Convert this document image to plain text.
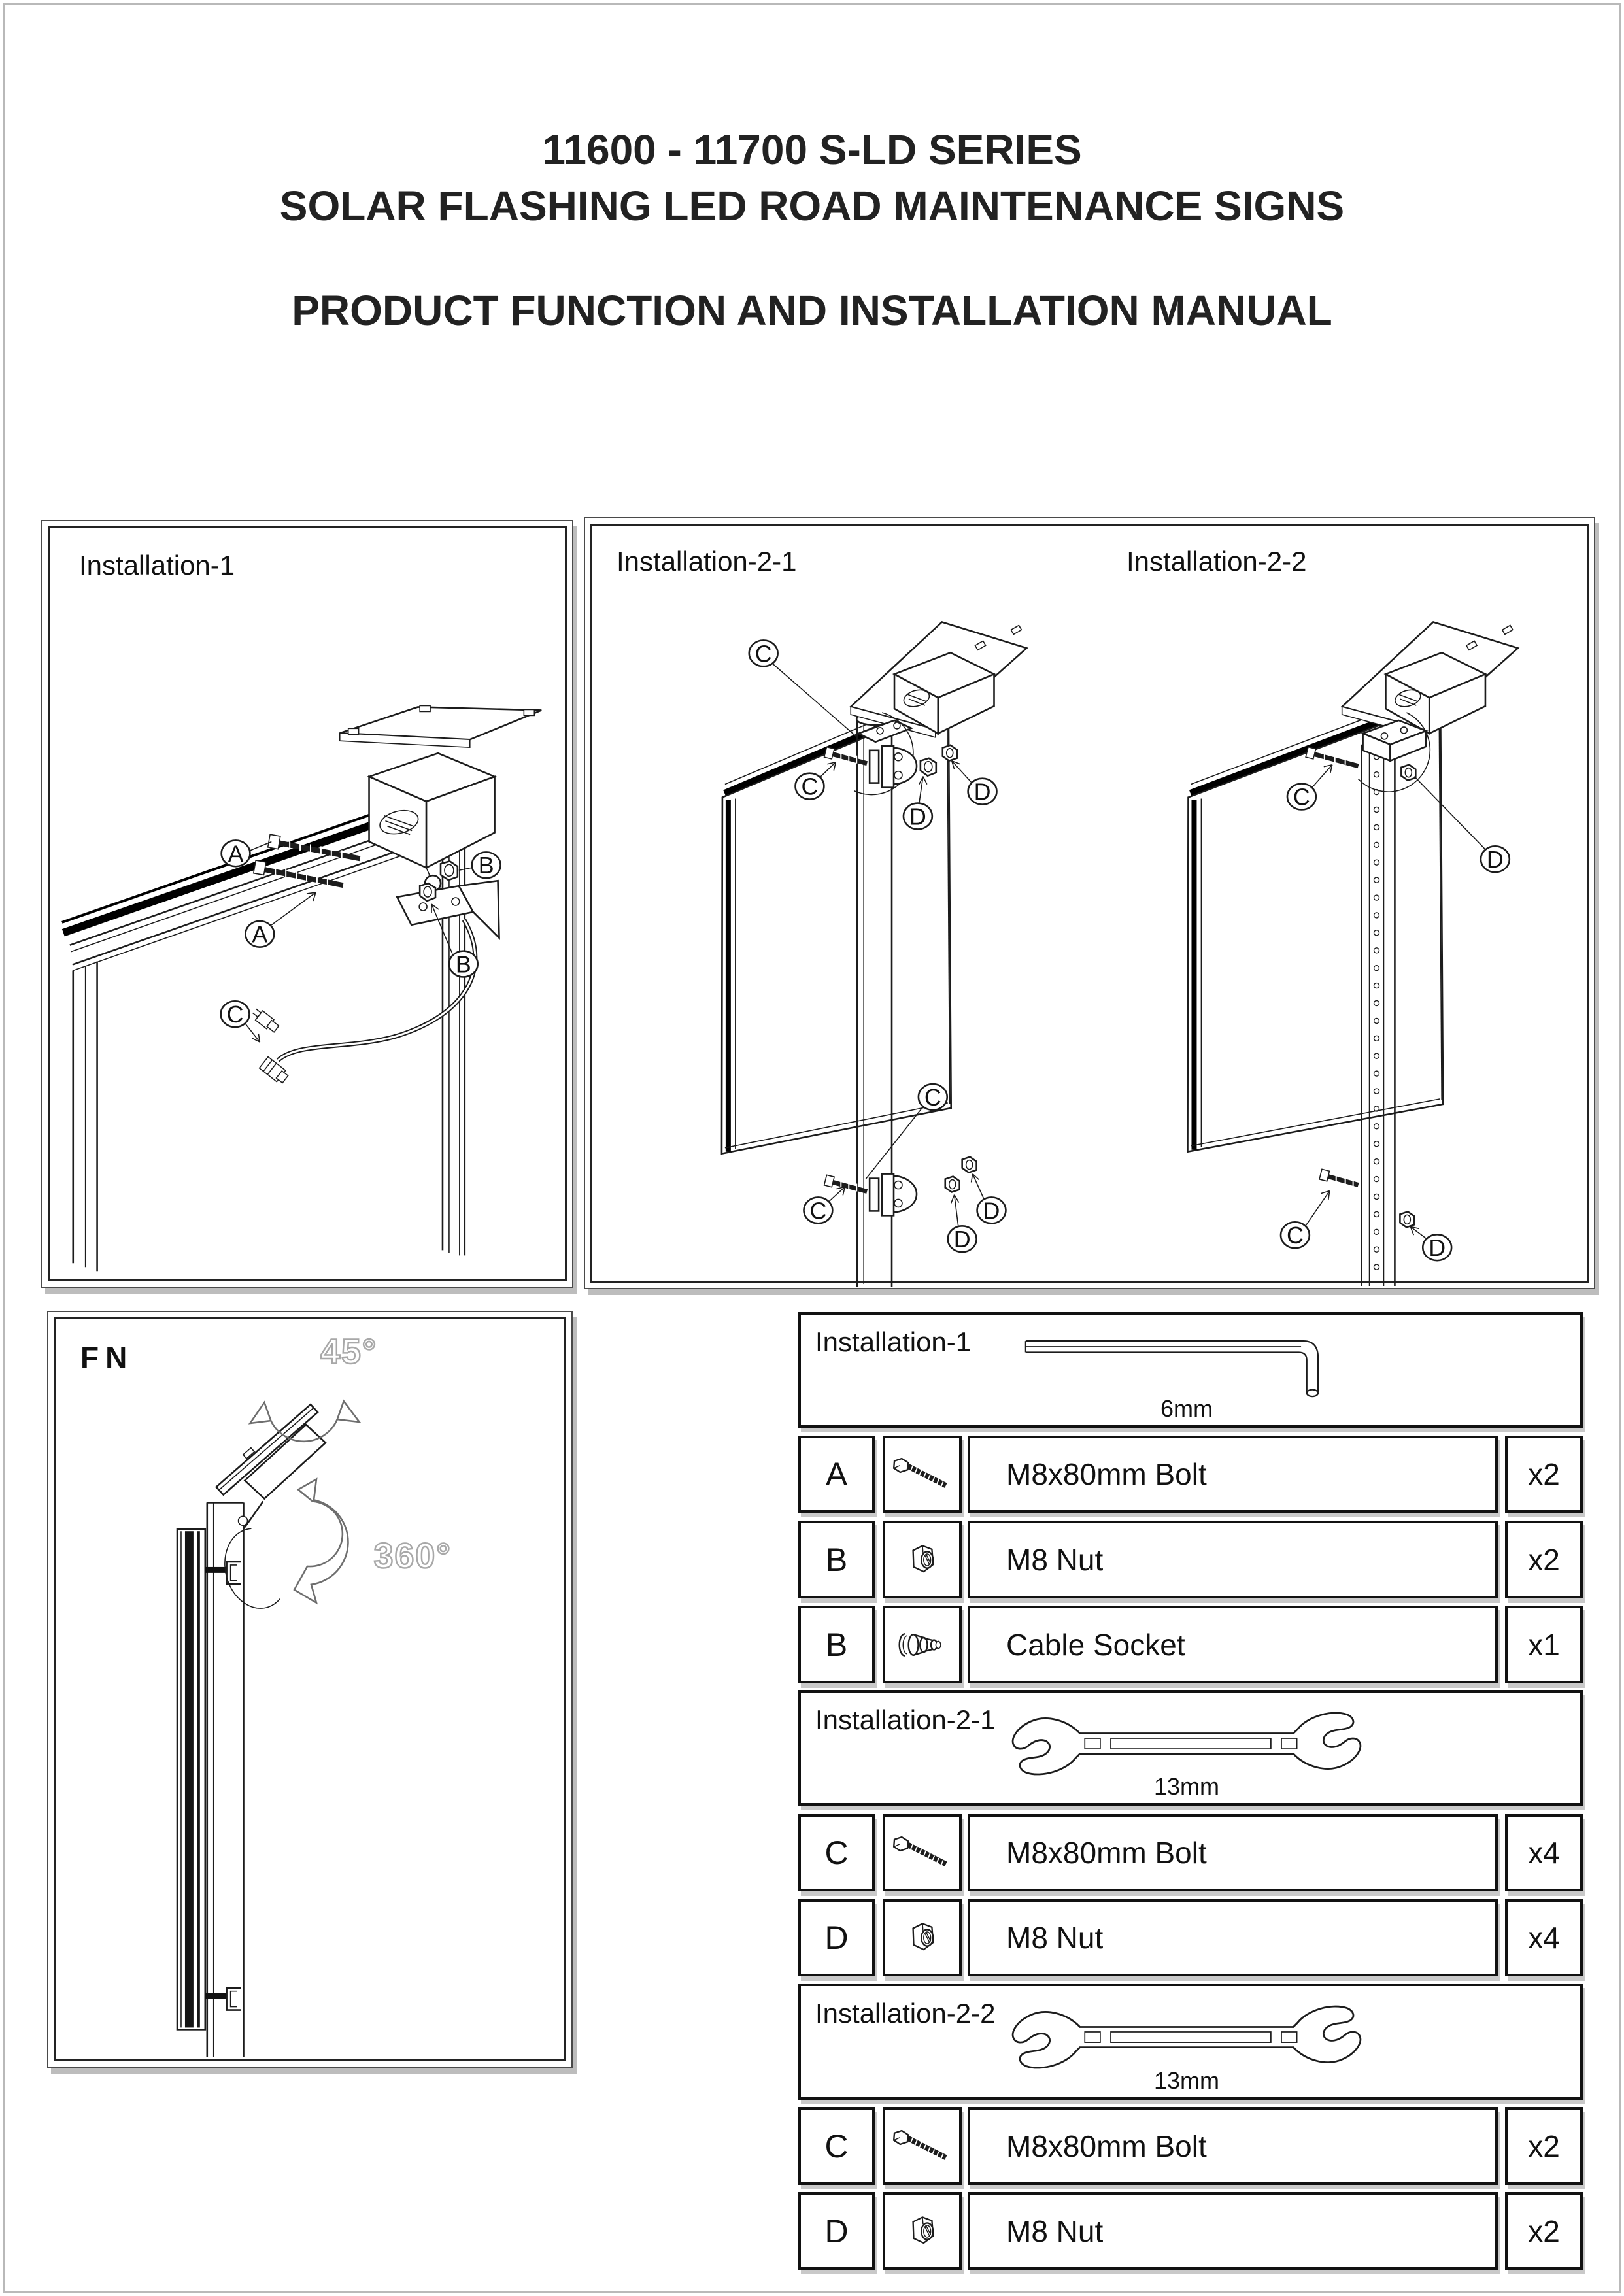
11600 - 11700 S-LD SERIES
SOLAR FLASHING LED ROAD MAINTENANCE SIGNS
PRODUCT FUNCTION AND INSTALLATION MANUAL
Installation-1
A
A
B
B
C
Installation-2-1	Installation-2-2
C
C	D
D
C
C
D
D
C
D
C	D
FN	45°
360°
Installation-1
6mm
A	M8x80mm Bolt	x2
B	M8 Nut	x2
B	Cable Socket	x1
Installation-2-1
13mm
C	M8x80mm Bolt	x4
D	M8 Nut	x4
Installation-2-2
13mm
C	M8x80mm Bolt	x2
D	M8 Nut	x2
